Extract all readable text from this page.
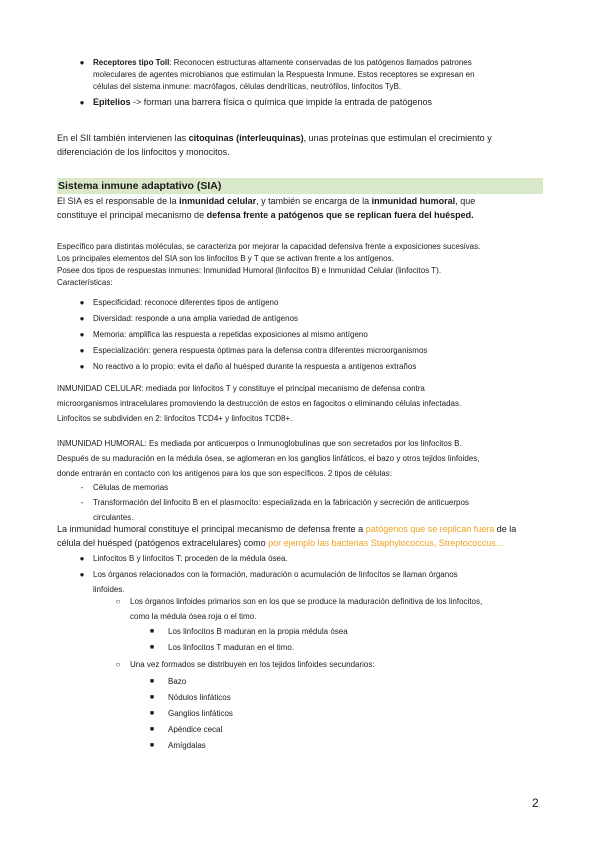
●	Receptores tipo Toll: Reconocen estructuras altamente conservadas de los patógenos llamados patrones

moleculares de agentes microbianos que estimulan la Respuesta Inmune. Estos receptores se expresan en

células del sistema inmune: macrófagos, células dendríticas, neutrófilos, linfocitos TyB.

● Epitelios -> forman una barrera física o química que impide la entrada de patógenos

En el SII también intervienen las citoquinas (interleuquinas), unas proteínas que estimulan el crecimiento y

diferenciación de los linfocitos y monocitos.

Sistema inmune adaptativo (SIA)

El SIA es el responsable de la inmunidad celular, y también se encarga de la inmunidad humoral, que

constituye el principal mecanismo de defensa frente a patógenos que se replican fuera del huésped.

Específico para distintas moléculas, se caracteriza por mejorar la capacidad defensiva frente a exposiciones sucesivas.

Los principales elementos del SIA son los linfocitos B y T que se activan frente a los antígenos.

Posee dos tipos de respuestas inmunes: Inmunidad Humoral (linfocitos B) e Inmunidad Celular (linfocitos T).

Características:

●	Especificidad: reconoce diferentes tipos de antígeno

●	Diversidad: responde a una amplia variedad de antígenos

●	Memoria: amplifica las respuesta a repetidas exposiciones al mismo antígeno

●	Especialización: genera respuesta óptimas para la defensa contra diferentes microorganismos

●	No reactivo a lo propio: evita el daño al huésped durante la respuesta a antígenos extraños

INMUNIDAD CELULAR: mediada por linfocitos T y constituye el principal mecanismo de defensa contra

microorganismos intracelulares promoviendo la destrucción de estos en fagocitos o eliminando células infectadas.

Linfocitos se subdividen en 2: linfocitos TCD4+ y linfocitos TCD8+.

INMUNIDAD HUMORAL: Es mediada por anticuerpos o Inmunoglobulinas que son secretados por los linfocitos B.

Después de su maduración en la médula ósea, se aglomeran en los ganglios linfáticos, el bazo y otros tejidos linfoides,

donde entrarán en contacto con los antígenos para los que son específicos. 2 tipos de células:

-	Células de memorias

-	Transformación del linfocito B en el plasmocito: especializada en la fabricación y secreción de anticuerpos

circulantes.

La inmunidad humoral constituye el principal mecanismo de defensa frente a patógenos que se replican fuera de la

célula del huésped (patógenos extracelulares) como por ejemplo las bacterias Staphylococcus, Streptococcus…

●	Linfocitos B y linfocitos T: proceden de la médula ósea.

●	Los órganos relacionados con la formación, maduración o acumulación de linfocitos se llaman órganos

linfoides.

○	Los órganos linfoides primarios son en los que se produce la maduración definitiva de los linfocitos,

como la médula ósea roja o el timo.

■	Los linfocitos B maduran en la propia médula ósea

■	Los linfocitos T maduran en el timo.

○	Una vez formados se distribuyen en los tejidos linfoides secundarios:

■	Bazo

■	Nódulos linfáticos

■	Ganglios linfáticos

■	Apéndice cecal

■	Amígdalas

2
